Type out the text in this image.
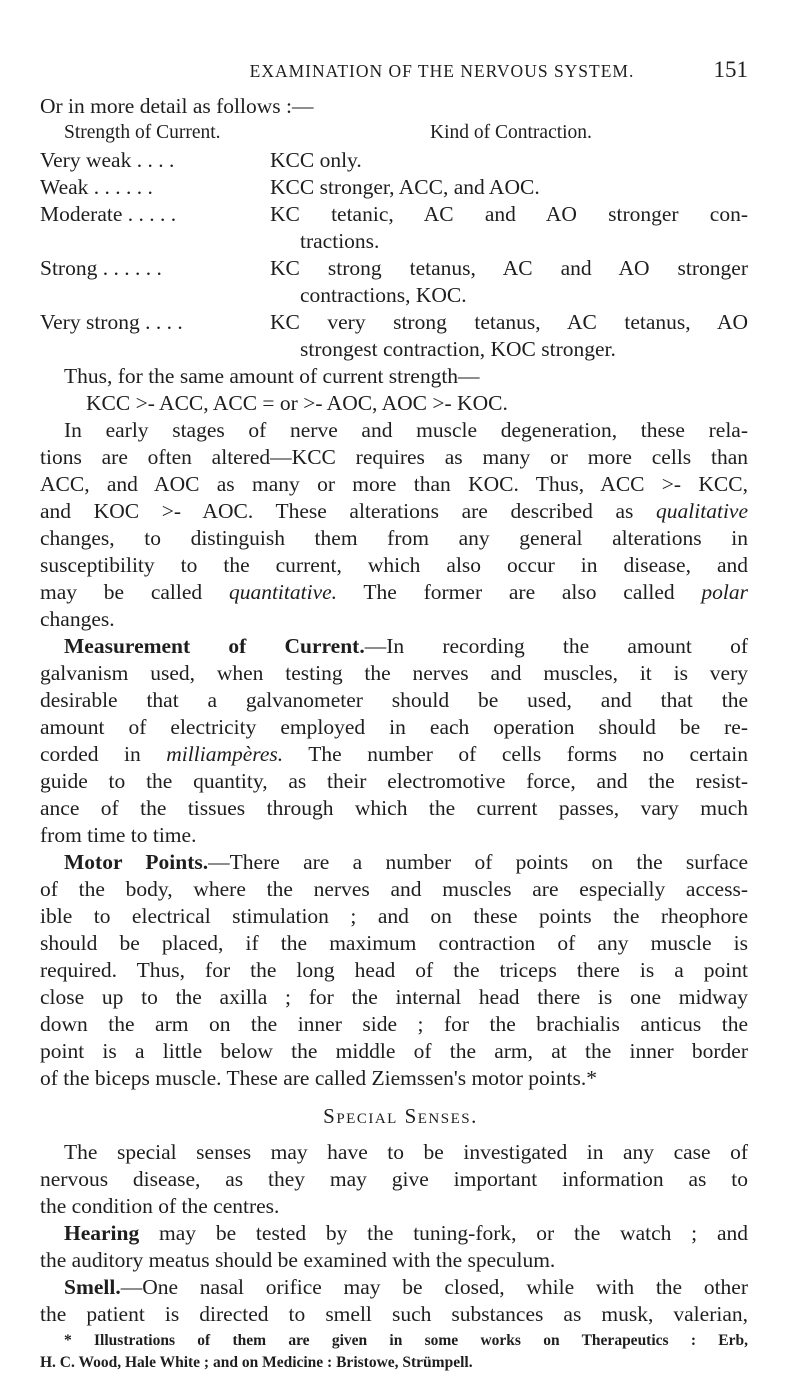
EXAMINATION OF THE NERVOUS SYSTEM.	151
Or in more detail as follows :—
Strength of Current.	Kind of Contraction.
Very weak . . . .	KCC only.
Weak . . . . . .	KCC stronger, ACC, and AOC.
Moderate . . . . .	KC tetanic, AC and AO stronger con-
tractions.
Strong . . . . . .	KC strong tetanus, AC and AO stronger
contractions, KOC.
Very strong . . . .	KC very strong tetanus, AC tetanus, AO
strongest contraction, KOC stronger.
Thus, for the same amount of current strength—
KCC >- ACC, ACC = or >- AOC, AOC >- KOC.
In early stages of nerve and muscle degeneration, these rela-
tions are often altered—KCC requires as many or more cells than
ACC, and AOC as many or more than KOC. Thus, ACC >- KCC,
and KOC >- AOC. These alterations are described as qualitative
changes, to distinguish them from any general alterations in
susceptibility to the current, which also occur in disease, and
may be called quantitative. The former are also called polar
changes.
Measurement of Current.—In recording the amount of
galvanism used, when testing the nerves and muscles, it is very
desirable that a galvanometer should be used, and that the
amount of electricity employed in each operation should be re-
corded in milliampères. The number of cells forms no certain
guide to the quantity, as their electromotive force, and the resist-
ance of the tissues through which the current passes, vary much
from time to time.
Motor Points.—There are a number of points on the surface
of the body, where the nerves and muscles are especially access-
ible to electrical stimulation ; and on these points the rheophore
should be placed, if the maximum contraction of any muscle is
required. Thus, for the long head of the triceps there is a point
close up to the axilla ; for the internal head there is one midway
down the arm on the inner side ; for the brachialis anticus the
point is a little below the middle of the arm, at the inner border
of the biceps muscle. These are called Ziemssen's motor points.*
Special Senses.
The special senses may have to be investigated in any case of
nervous disease, as they may give important information as to
the condition of the centres.
Hearing may be tested by the tuning-fork, or the watch ; and
the auditory meatus should be examined with the speculum.
Smell.—One nasal orifice may be closed, while with the other
the patient is directed to smell such substances as musk, valerian,
* Illustrations of them are given in some works on Therapeutics : Erb,
H. C. Wood, Hale White ; and on Medicine : Bristowe, Strümpell.
